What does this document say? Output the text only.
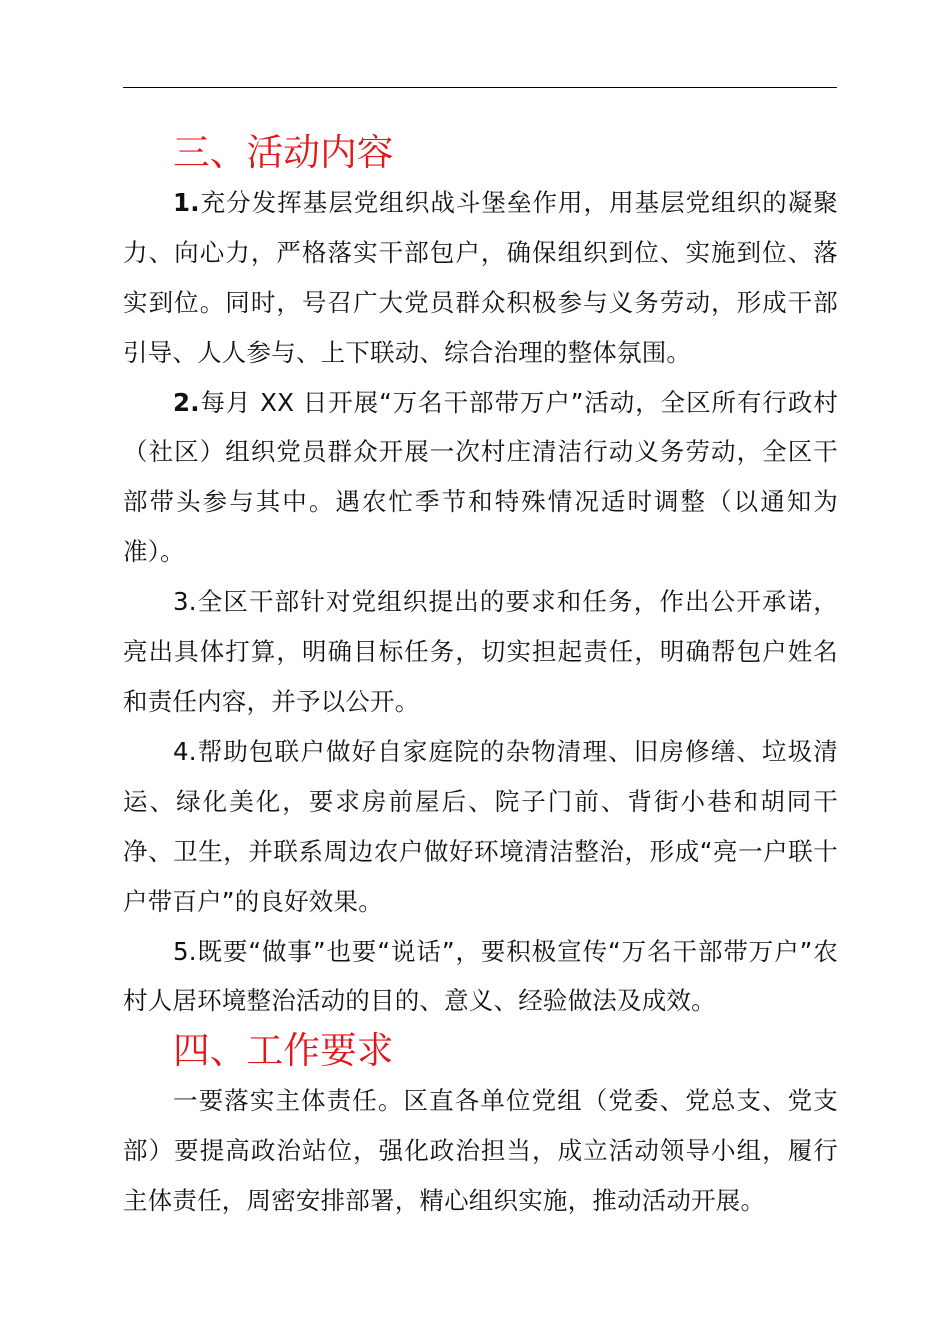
三、活动内容

1.充分发挥基层党组织战斗堡垒作用，用基层党组织的凝聚力、向心力，严格落实干部包户，确保组织到位、实施到位、落实到位。同时，号召广大党员群众积极参与义务劳动，形成干部引导、人人参与、上下联动、综合治理的整体氛围。

2.每月 XX 日开展“万名干部带万户”活动，全区所有行政村（社区）组织党员群众开展一次村庄清洁行动义务劳动，全区干部带头参与其中。遇农忙季节和特殊情况适时调整（以通知为准）。

3.全区干部针对党组织提出的要求和任务，作出公开承诺，亮出具体打算，明确目标任务，切实担起责任，明确帮包户姓名和责任内容，并予以公开。

4.帮助包联户做好自家庭院的杂物清理、旧房修缮、垃圾清运、绿化美化，要求房前屋后、院子门前、背街小巷和胡同干净、卫生，并联系周边农户做好环境清洁整治，形成“亮一户联十户带百户”的良好效果。

5.既要“做事”也要“说话”，要积极宣传“万名干部带万户”农村人居环境整治活动的目的、意义、经验做法及成效。

四、工作要求

一要落实主体责任。区直各单位党组（党委、党总支、党支部）要提高政治站位，强化政治担当，成立活动领导小组，履行主体责任，周密安排部署，精心组织实施，推动活动开展。
